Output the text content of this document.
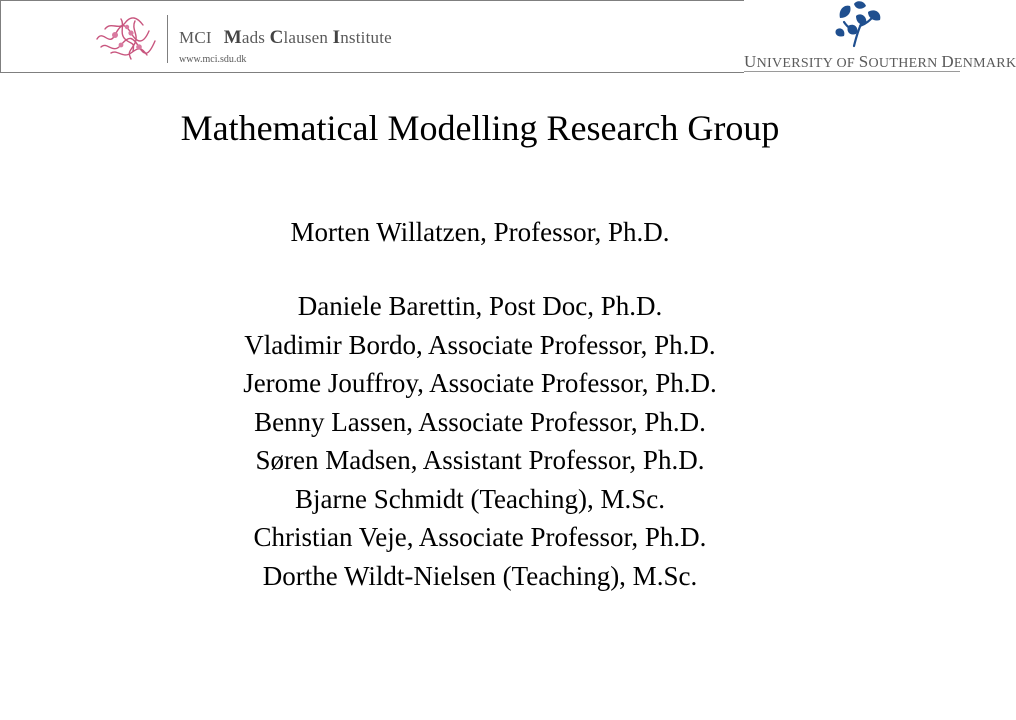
MCI Mads Clausen Institute
www.mci.sdu.dk	UNIVERSITY OF SOUTHERN DENMARK
Mathematical Modelling Research Group
Morten Willatzen, Professor, Ph.D.
Daniele Barettin, Post Doc, Ph.D.
Vladimir Bordo, Associate Professor, Ph.D.
Jerome Jouffroy, Associate Professor, Ph.D.
Benny Lassen, Associate Professor, Ph.D.
Søren Madsen, Assistant Professor, Ph.D.
Bjarne Schmidt (Teaching), M.Sc.
Christian Veje, Associate Professor, Ph.D.
Dorthe Wildt-Nielsen (Teaching), M.Sc.
